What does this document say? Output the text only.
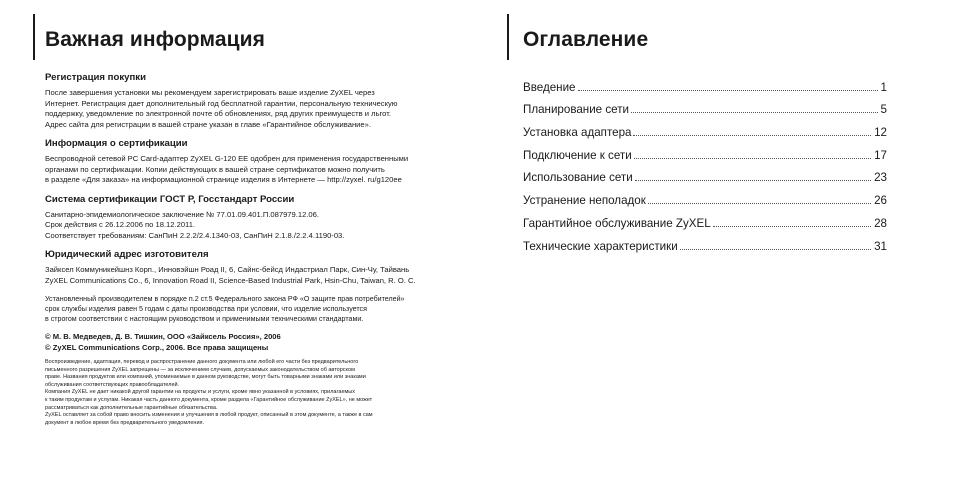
Важная информация
Регистрация покупки
После завершения установки мы рекомендуем зарегистрировать ваше изделие ZyXEL через
Интернет. Регистрация дает дополнительный год бесплатной гарантии, персональную техническую
поддержку, уведомление по электронной почте об обновлениях, ряд других преимуществ и льгот.
Адрес сайта для регистрации в вашей стране указан в главе «Гарантийное обслуживание».
Информация о сертификации
Беспроводной сетевой PC Card-адаптер ZyXEL G-120 EE одобрен для применения государственными
органами по сертификации. Копии действующих в вашей стране сертификатов можно получить
в разделе «Для заказа» на информационной странице изделия в Интернете — http://zyxel. ru/g120ee
Система сертификации ГОСТ Р, Госстандарт России
Санитарно-эпидемиологическое заключение № 77.01.09.401.П.087979.12.06.
Срок действия с 26.12.2006 по 18.12.2011.
Соответствует требованиям: СанПиН 2.2.2/2.4.1340-03, СанПиН 2.1.8./2.2.4.1190-03.
Юридический адрес изготовителя
Зайксел Коммуникейшнз Корп., Инновэйшн Роад II, 6, Сайнс-бейсд Индастриал Парк, Син-Чу, Тайвань
ZyXEL Communications Co., 6, Innovation Road II, Science-Based Industrial Park, Hsin-Chu, Taiwan, R. O. C.
Установленный производителем в порядке п.2 ст.5 Федерального закона РФ «О защите прав потребителей»
срок службы изделия равен 5 годам с даты производства при условии, что изделие используется
в строгом соответствии с настоящим руководством и применимыми техническими стандартами.
© М. В. Медведев, Д. В. Тишкин, ООО «Зайксель Россия», 2006
© ZyXEL Communications Corp., 2006. Все права защищены
Воспроизведение, адаптация, перевод и распространение данного документа или любой его части без предварительного
письменного разрешения ZyXEL запрещены — за исключением случаев, допускаемых законодательством об авторском
праве. Названия продуктов или компаний, упоминаемые в данном руководстве, могут быть товарными знаками или знаками
обслуживания соответствующих правообладателей.
Компания ZyXEL не дает никакой другой гарантии на продукты и услуги, кроме явно указанной в условиях, прилагаемых
к таким продуктам и услугам. Никакая часть данного документа, кроме раздела «Гарантийное обслуживание ZyXEL», не может
рассматриваться как дополнительные гарантийные обязательства.
ZyXEL оставляет за собой право вносить изменения и улучшения в любой продукт, описанный в этом документе, а также в сам
документ в любое время без предварительного уведомления.
Оглавление
Введение	1
Планирование сети	5
Установка адаптера	12
Подключение к сети	17
Использование сети	23
Устранение неполадок	26
Гарантийное обслуживание ZyXEL	28
Технические характеристики	31
